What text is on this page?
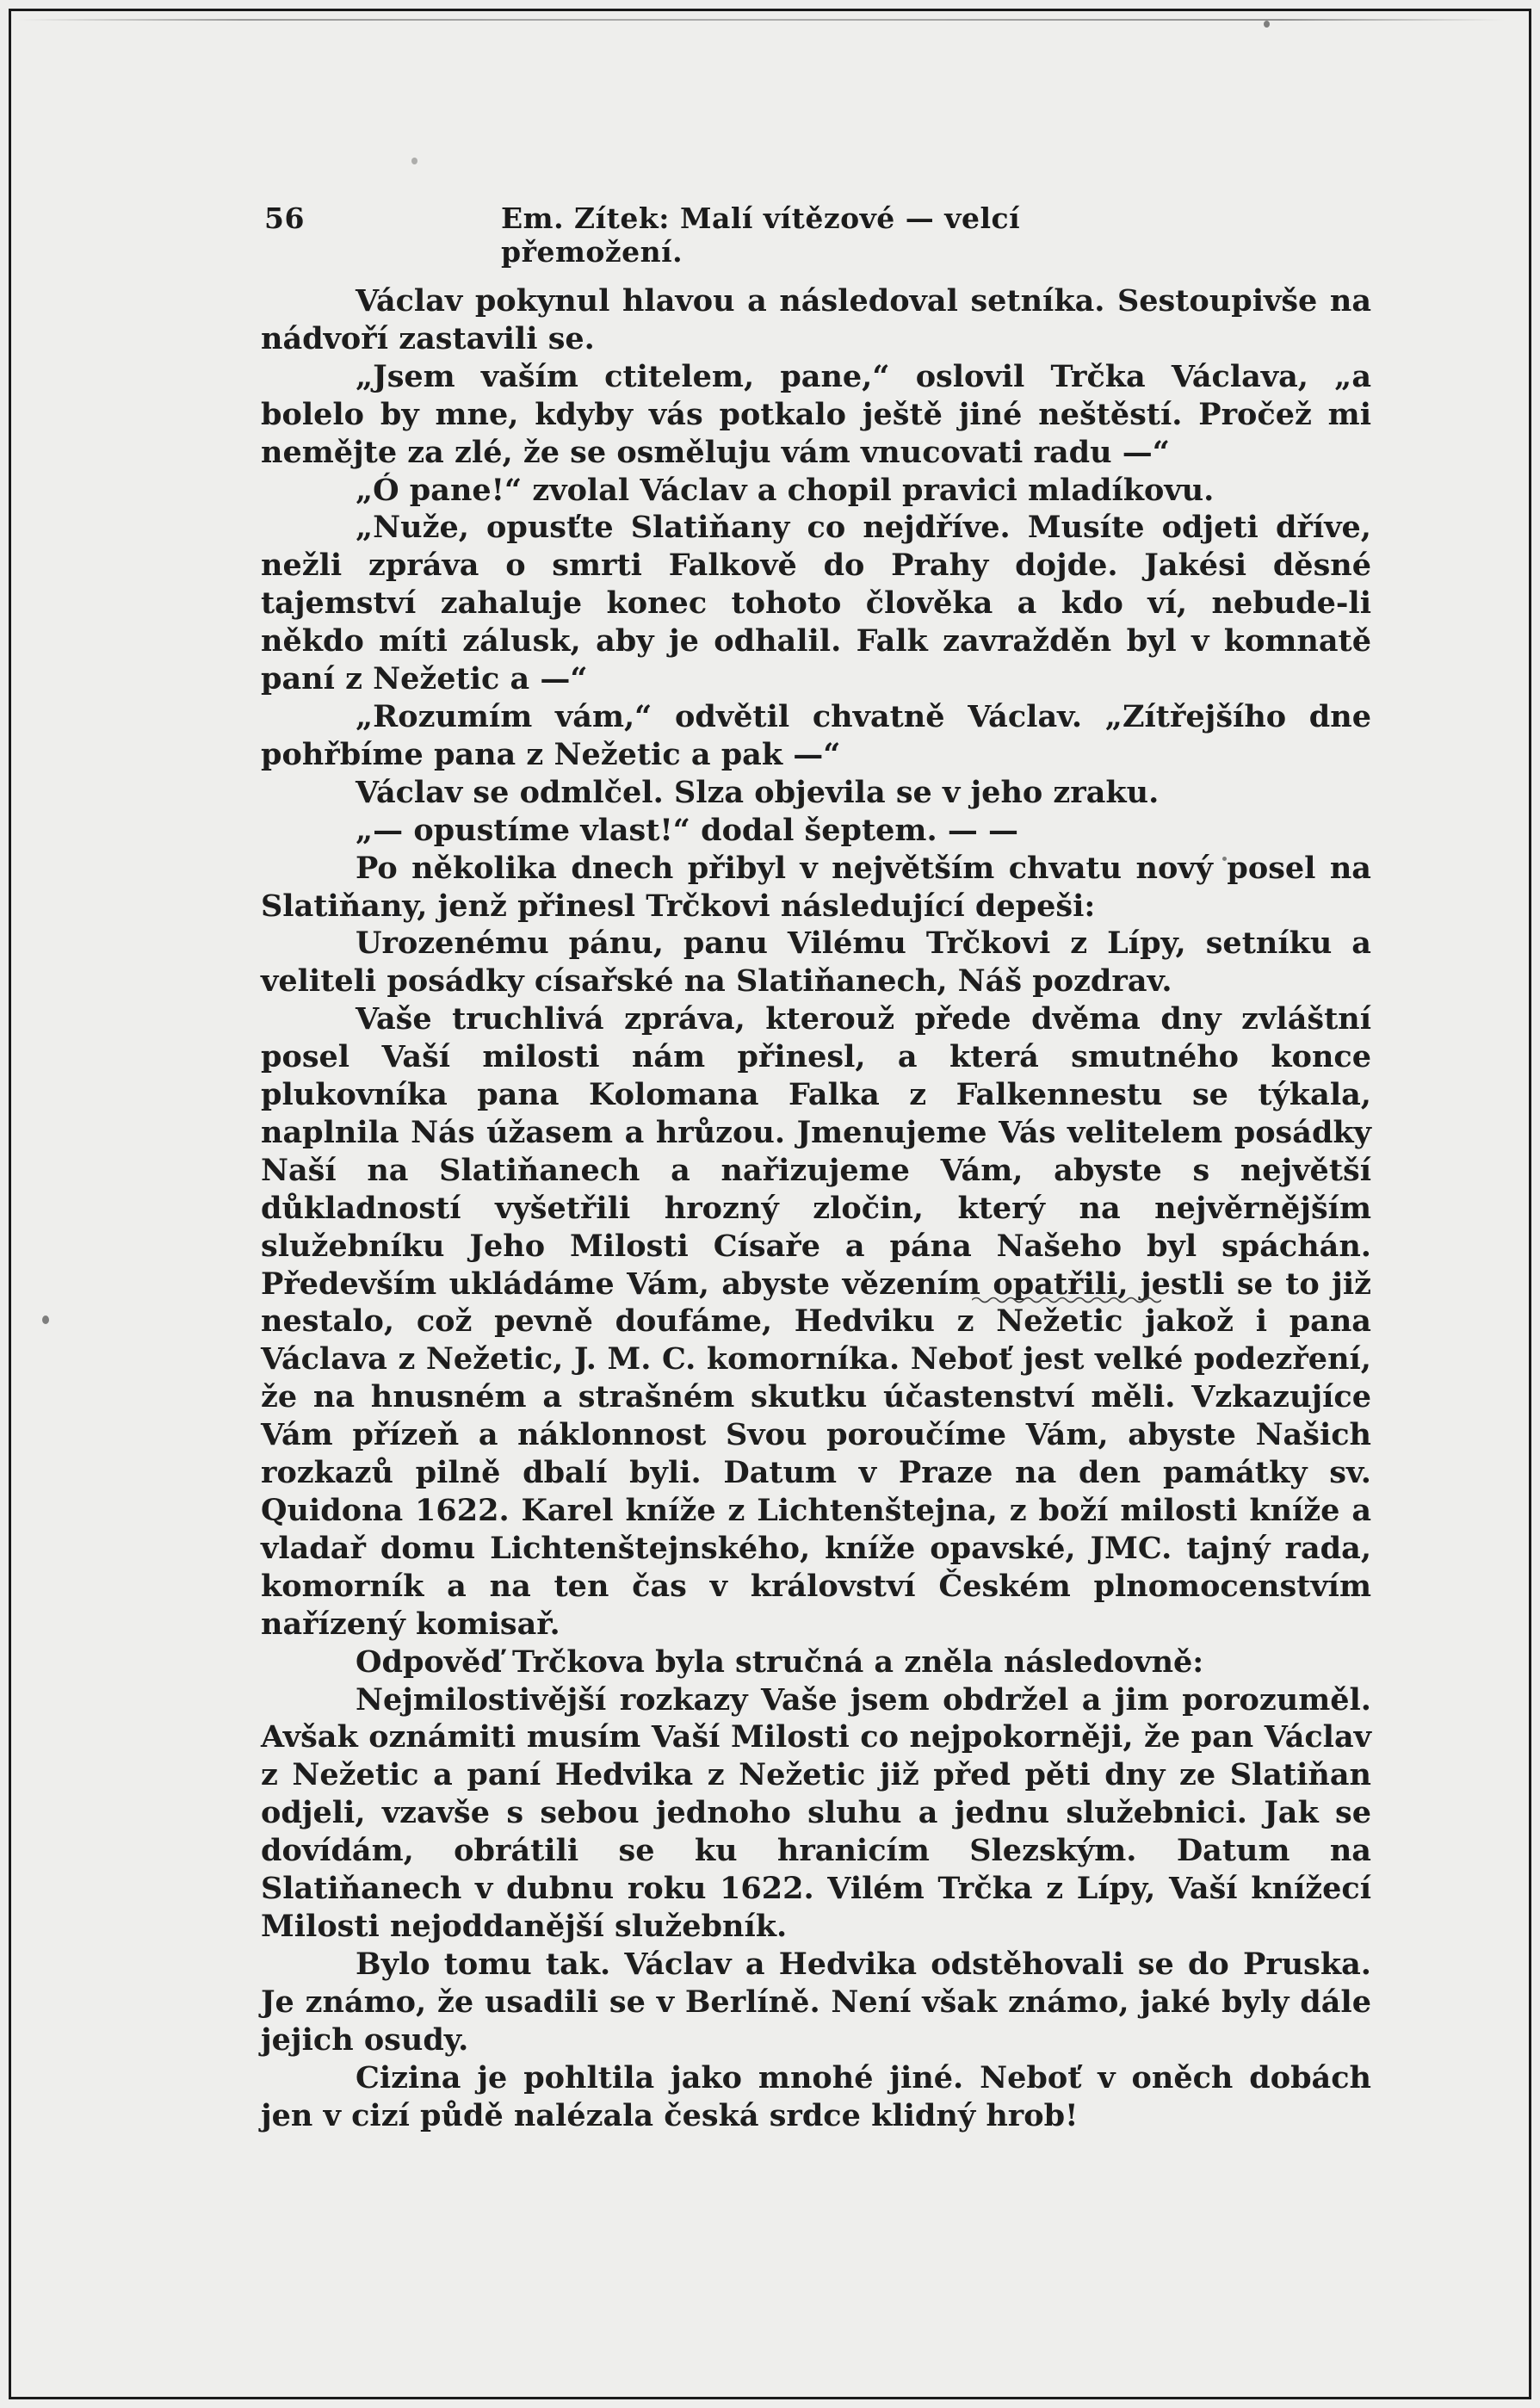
56	Em. Zítek: Malí vítězové — velcí přemožení.

Václav pokynul hlavou a následoval setníka. Sestoupivše na nádvoří zastavili se.

„Jsem vaším ctitelem, pane,“ oslovil Trčka Václava, „a bolelo by mne, kdyby vás potkalo ještě jiné neštěstí. Pročež mi nemějte za zlé, že se osměluju vám vnucovati radu —“

„Ó pane!“ zvolal Václav a chopil pravici mladíkovu.

„Nuže, opusťte Slatiňany co nejdříve. Musíte odjeti dříve, nežli zpráva o smrti Falkově do Prahy dojde. Jakési děsné tajemství zahaluje konec tohoto člověka a kdo ví, nebude-li někdo míti zálusk, aby je odhalil. Falk zavražděn byl v komnatě paní z Nežetic a —“

„Rozumím vám,“ odvětil chvatně Václav. „Zítřejšího dne pohřbíme pana z Nežetic a pak —“

Václav se odmlčel. Slza objevila se v jeho zraku.

„— opustíme vlast!“ dodal šeptem. — —

Po několika dnech přibyl v největším chvatu nový posel na Slatiňany, jenž přinesl Trčkovi následující depeši:

Urozenému pánu, panu Vilému Trčkovi z Lípy, setníku a veliteli posádky císařské na Slatiňanech, Náš pozdrav.

Vaše truchlivá zpráva, kterouž přede dvěma dny zvláštní posel Vaší milosti nám přinesl, a která smutného konce plukovníka pana Kolomana Falka z Falkennestu se týkala, naplnila Nás úžasem a hrůzou. Jmenujeme Vás velitelem posádky Naší na Slatiňanech a nařizujeme Vám, abyste s největší důkladností vyšetřili hrozný zločin, který na nejvěrnějším služebníku Jeho Milosti Císaře a pána Našeho byl spáchán. Především ukládáme Vám, abyste vězením opatřili, jestli se to již nestalo, což pevně doufáme, Hedviku z Nežetic jakož i pana Václava z Nežetic, J. M. C. komorníka. Neboť jest velké podezření, že na hnusném a strašném skutku účastenství měli. Vzkazujíce Vám přízeň a náklonnost Svou poroučíme Vám, abyste Našich rozkazů pilně dbalí byli. Datum v Praze na den památky sv. Quidona 1622. Karel kníže z Lichtenštejna, z boží milosti kníže a vladař domu Lichtenštejnského, kníže opavské, JMC. tajný rada, komorník a na ten čas v království Českém plnomocenstvím nařízený komisař.

Odpověď Trčkova byla stručná a zněla následovně:

Nejmilostivější rozkazy Vaše jsem obdržel a jim porozuměl. Avšak oznámiti musím Vaší Milosti co nejpokorněji, že pan Václav z Nežetic a paní Hedvika z Nežetic již před pěti dny ze Slatiňan odjeli, vzavše s sebou jednoho sluhu a jednu služebnici. Jak se dovídám, obrátili se ku hranicím Slezským. Datum na Slatiňanech v dubnu roku 1622. Vilém Trčka z Lípy, Vaší knížecí Milosti nejoddanější služebník.

Bylo tomu tak. Václav a Hedvika odstěhovali se do Pruska. Je známo, že usadili se v Berlíně. Není však známo, jaké byly dále jejich osudy.

Cizina je pohltila jako mnohé jiné. Neboť v oněch dobách jen v cizí půdě nalézala česká srdce klidný hrob!
